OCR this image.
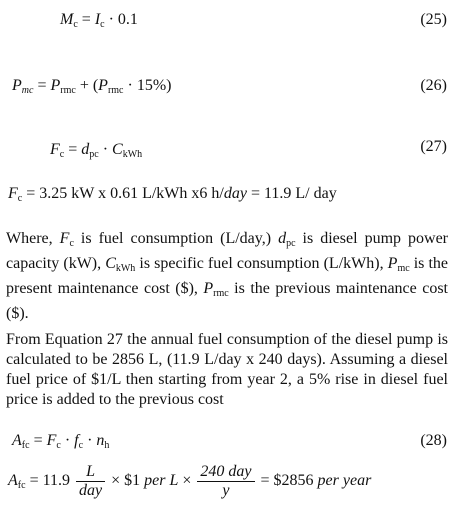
$M_c = I_c \cdot 0.1$	(25)
$P_{mc} = P_{rmc} + (P_{rmc} \cdot 15\%)$	(26)
$F_c = d_{pc} \cdot C_{kWh}$	(27)
$F_c = 3.25$ kW x 0.61 L/kWh x6 h/day = 11.9 L/ day
Where, $F_c$ is fuel consumption (L/day,) $d_{pc}$ is diesel pump power capacity (kW), $C_{kWh}$ is specific fuel consumption (L/kWh), $P_{mc}$ is the present maintenance cost ($), $P_{rmc}$ is the previous maintenance cost ($).
From Equation 27 the annual fuel consumption of the diesel pump is calculated to be 2856 L, (11.9 L/day x 240 days). Assuming a diesel fuel price of $1/L then starting from year 2, a 5% rise in diesel fuel price is added to the previous cost
$A_{fc} = F_c \cdot f_c \cdot n_h$	(28)
$A_{fc} = 11.9 \frac{L}{\text{day}}$ × $1 per $L \times \frac{\text{240 day}}{y}$ = $2856 per year
